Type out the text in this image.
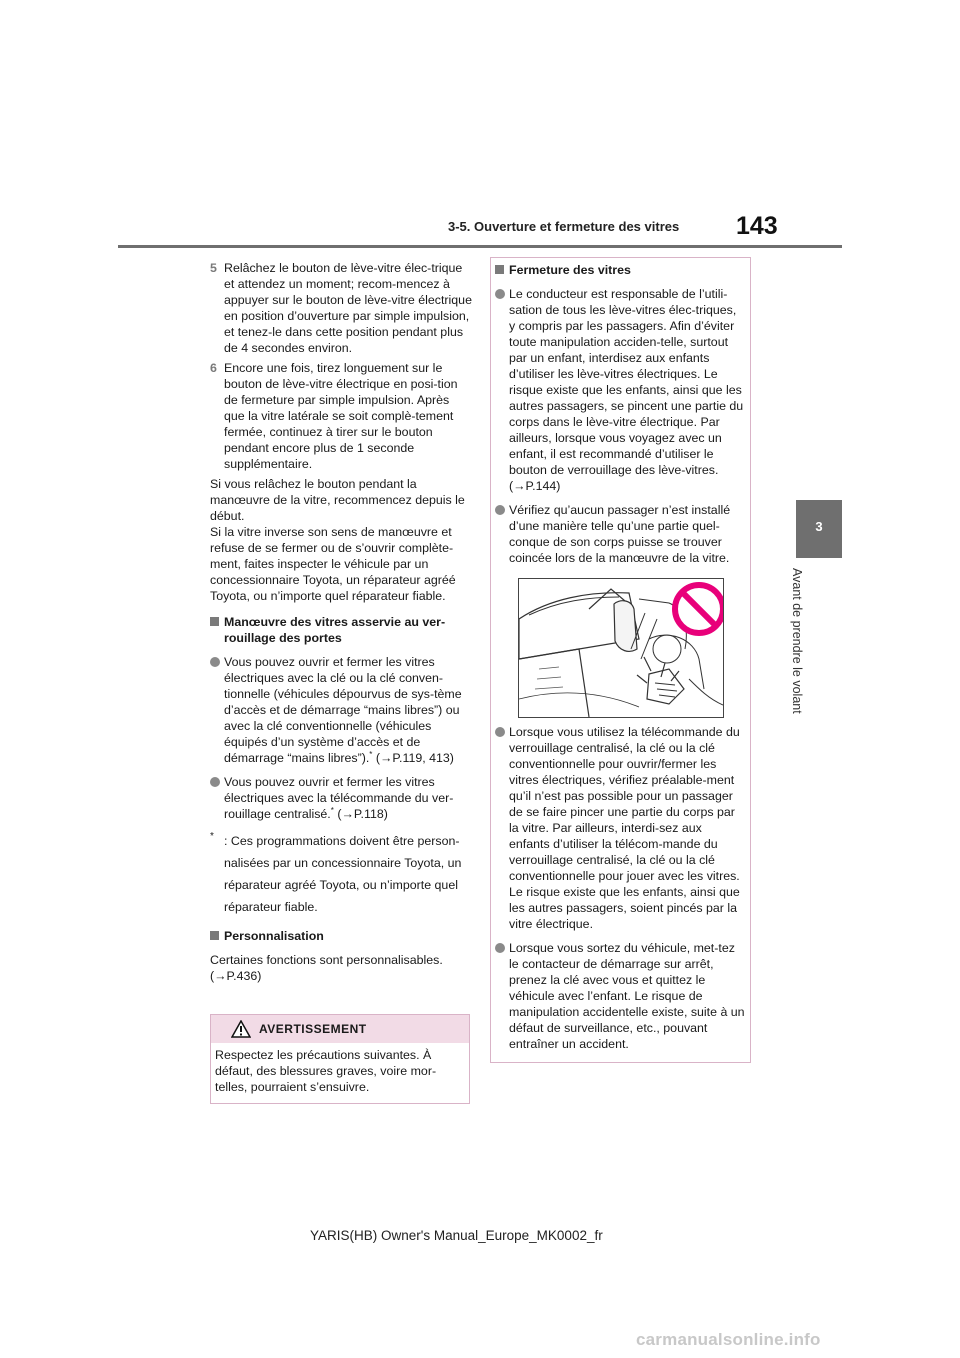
3-5. Ouverture et fermeture des vitres 143
3
Avant de prendre le volant
5 Relâchez le bouton de lève-vitre élec-trique et attendez un moment; recom-mencez à appuyer sur le bouton de lève-vitre électrique en position d’ouverture par simple impulsion, et tenez-le dans cette position pendant plus de 4 secondes environ.
6 Encore une fois, tirez longuement sur le bouton de lève-vitre électrique en posi-tion de fermeture par simple impulsion. Après que la vitre latérale se soit complè-tement fermée, continuez à tirer sur le bouton pendant encore plus de 1 seconde supplémentaire.
Si vous relâchez le bouton pendant la manœuvre de la vitre, recommencez depuis le début.
Si la vitre inverse son sens de manœuvre et refuse de se fermer ou de s’ouvrir complète-ment, faites inspecter le véhicule par un concessionnaire Toyota, un réparateur agréé Toyota, ou n’importe quel réparateur fiable.
Manœuvre des vitres asservie au ver-rouillage des portes
Vous pouvez ouvrir et fermer les vitres électriques avec la clé ou la clé conven-tionnelle (véhicules dépourvus de sys-tème d’accès et de démarrage “mains libres”) ou avec la clé conventionnelle (véhicules équipés d’un système d’accès et de démarrage “mains libres”).* (→P.119, 413)
Vous pouvez ouvrir et fermer les vitres électriques avec la télécommande du ver-rouillage centralisé.* (→P.118)
* : Ces programmations doivent être person-nalisées par un concessionnaire Toyota, un réparateur agréé Toyota, ou n’importe quel réparateur fiable.
Personnalisation
Certaines fonctions sont personnalisables. (→P.436)
AVERTISSEMENT
Respectez les précautions suivantes. À défaut, des blessures graves, voire mor-telles, pourraient s’ensuivre.
Fermeture des vitres
Le conducteur est responsable de l’utili-sation de tous les lève-vitres élec-triques, y compris par les passagers. Afin d’éviter toute manipulation acciden-telle, surtout par un enfant, interdisez aux enfants d’utiliser les lève-vitres électriques. Le risque existe que les enfants, ainsi que les autres passagers, se pincent une partie du corps dans le lève-vitre électrique. Par ailleurs, lorsque vous voyagez avec un enfant, il est recommandé d’utiliser le bouton de verrouillage des lève-vitres. (→P.144)
Vérifiez qu’aucun passager n’est installé d’une manière telle qu’une partie quel-conque de son corps puisse se trouver coincée lors de la manœuvre de la vitre.
Lorsque vous utilisez la télécommande du verrouillage centralisé, la clé ou la clé conventionnelle pour ouvrir/fermer les vitres électriques, vérifiez préalable-ment qu’il n’est pas possible pour un passager de se faire pincer une partie du corps par la vitre. Par ailleurs, interdi-sez aux enfants d’utiliser la télécom-mande du verrouillage centralisé, la clé ou la clé conventionnelle pour jouer avec les vitres. Le risque existe que les enfants, ainsi que les autres passagers, soient pincés par la vitre électrique.
Lorsque vous sortez du véhicule, met-tez le contacteur de démarrage sur arrêt, prenez la clé avec vous et quittez le véhicule avec l’enfant. Le risque de manipulation accidentelle existe, suite à un défaut de surveillance, etc., pouvant entraîner un accident.
YARIS(HB) Owner's Manual_Europe_MK0002_fr
carmanualsonline.info
